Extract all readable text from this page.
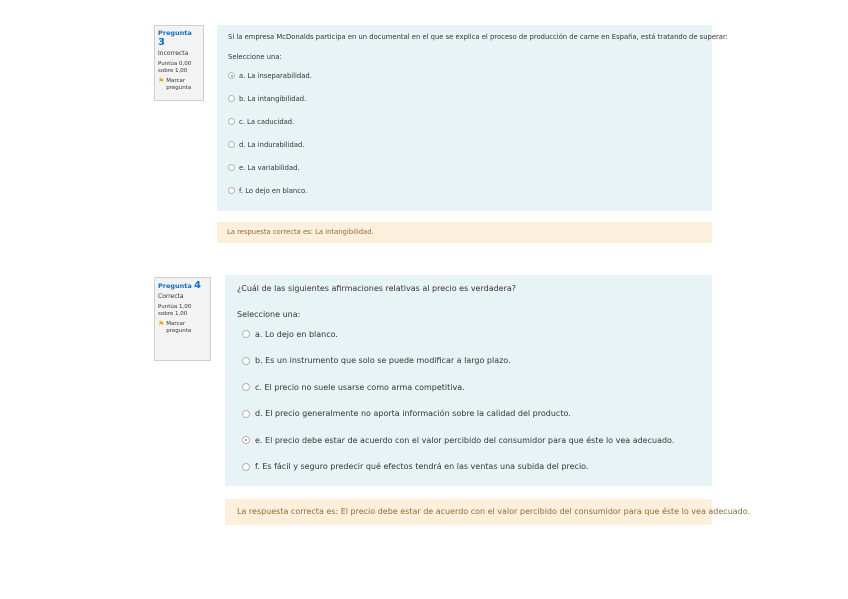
Pregunta 3
Incorrecta
Puntúa 0,00
sobre 1,00
⚑ Marcar
pregunta
Si la empresa McDonalds participa en un documental en el que se explica el proceso de producción de carne en España, está tratando de superar:
Seleccione una:
a. La inseparabilidad.
b. La intangibilidad.
c. La caducidad.
d. La indurabilidad.
e. La variabilidad.
f. Lo dejo en blanco.
La respuesta correcta es: La intangibilidad.
Pregunta 4
Correcta
Puntúa 1,00
sobre 1,00
⚑ Marcar
pregunta
¿Cuál de las siguientes afirmaciones relativas al precio es verdadera?
Seleccione una:
a. Lo dejo en blanco.
b. Es un instrumento que solo se puede modificar a largo plazo.
c. El precio no suele usarse como arma competitiva.
d. El precio generalmente no aporta información sobre la calidad del producto.
e. El precio debe estar de acuerdo con el valor percibido del consumidor para que éste lo vea adecuado.
f. Es fácil y seguro predecir qué efectos tendrá en las ventas una subida del precio.
La respuesta correcta es: El precio debe estar de acuerdo con el valor percibido del consumidor para que éste lo vea adecuado.
